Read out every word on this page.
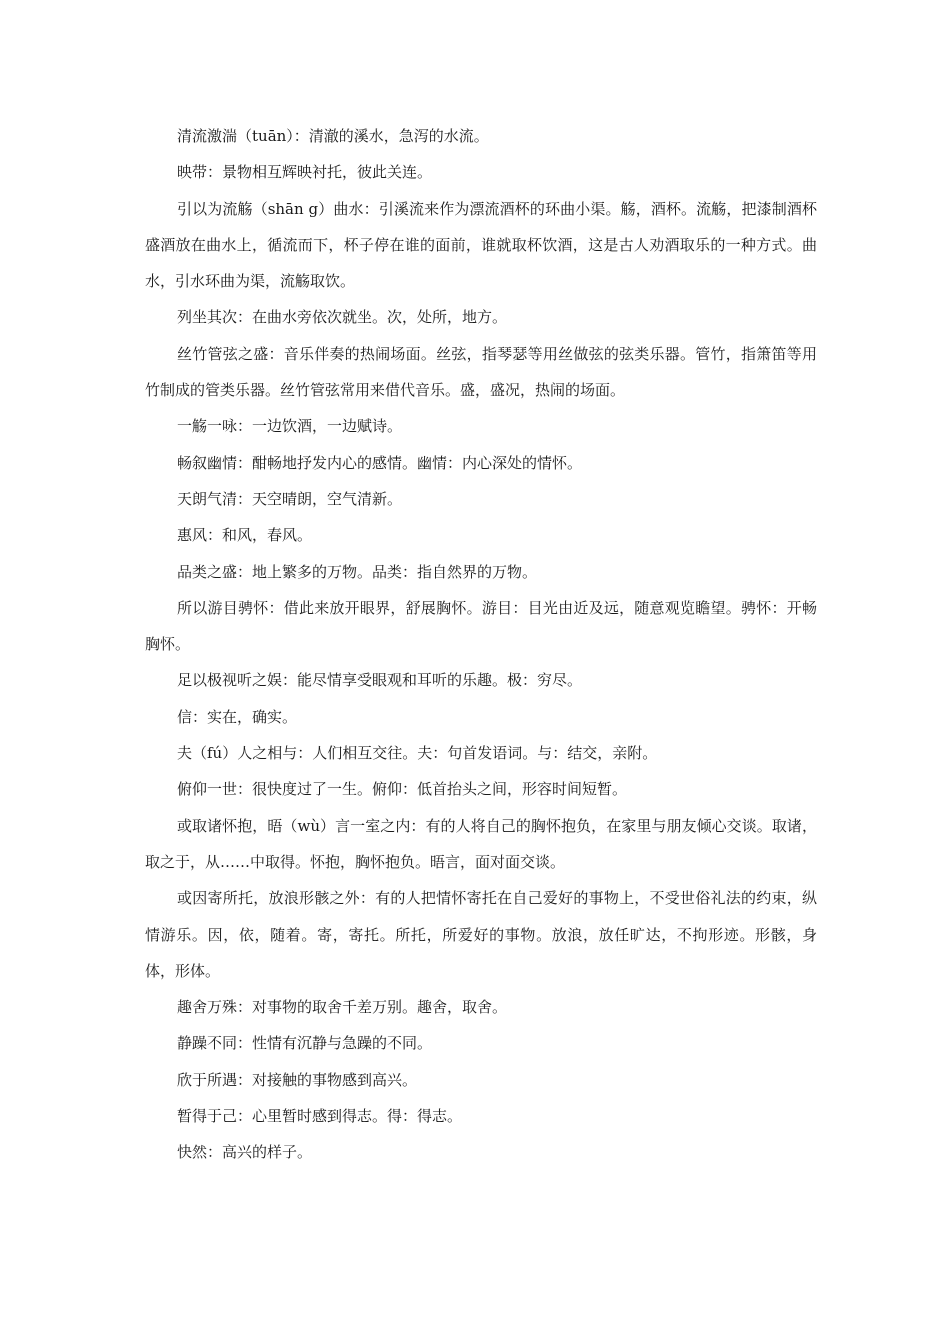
清流激湍（tuān）：清澈的溪水，急泻的水流。

映带：景物相互辉映衬托，彼此关连。

引以为流觞（shān g）曲水：引溪流来作为漂流酒杯的环曲小渠。觞，酒杯。流觞，把漆制酒杯盛酒放在曲水上，循流而下，杯子停在谁的面前，谁就取杯饮酒，这是古人劝酒取乐的一种方式。曲水，引水环曲为渠，流觞取饮。

列坐其次：在曲水旁依次就坐。次，处所，地方。

丝竹管弦之盛：音乐伴奏的热闹场面。丝弦，指琴瑟等用丝做弦的弦类乐器。管竹，指箫笛等用竹制成的管类乐器。丝竹管弦常用来借代音乐。盛，盛况，热闹的场面。

一觞一咏：一边饮酒，一边赋诗。

畅叙幽情：酣畅地抒发内心的感情。幽情：内心深处的情怀。

天朗气清：天空晴朗，空气清新。

惠风：和风，春风。

品类之盛：地上繁多的万物。品类：指自然界的万物。

所以游目骋怀：借此来放开眼界，舒展胸怀。游目：目光由近及远，随意观览瞻望。骋怀：开畅胸怀。

足以极视听之娱：能尽情享受眼观和耳听的乐趣。极：穷尽。

信：实在，确实。

夫（fú）人之相与：人们相互交往。夫：句首发语词。与：结交，亲附。

俯仰一世：很快度过了一生。俯仰：低首抬头之间，形容时间短暂。

或取诸怀抱，晤（wù）言一室之内：有的人将自己的胸怀抱负，在家里与朋友倾心交谈。取诸，取之于，从……中取得。怀抱，胸怀抱负。晤言，面对面交谈。

或因寄所托，放浪形骸之外：有的人把情怀寄托在自己爱好的事物上，不受世俗礼法的约束，纵情游乐。因，依，随着。寄，寄托。所托，所爱好的事物。放浪，放任旷达，不拘形迹。形骸，身体，形体。

趣舍万殊：对事物的取舍千差万别。趣舍，取舍。

静躁不同：性情有沉静与急躁的不同。

欣于所遇：对接触的事物感到高兴。

暂得于己：心里暂时感到得志。得：得志。

快然：高兴的样子。
